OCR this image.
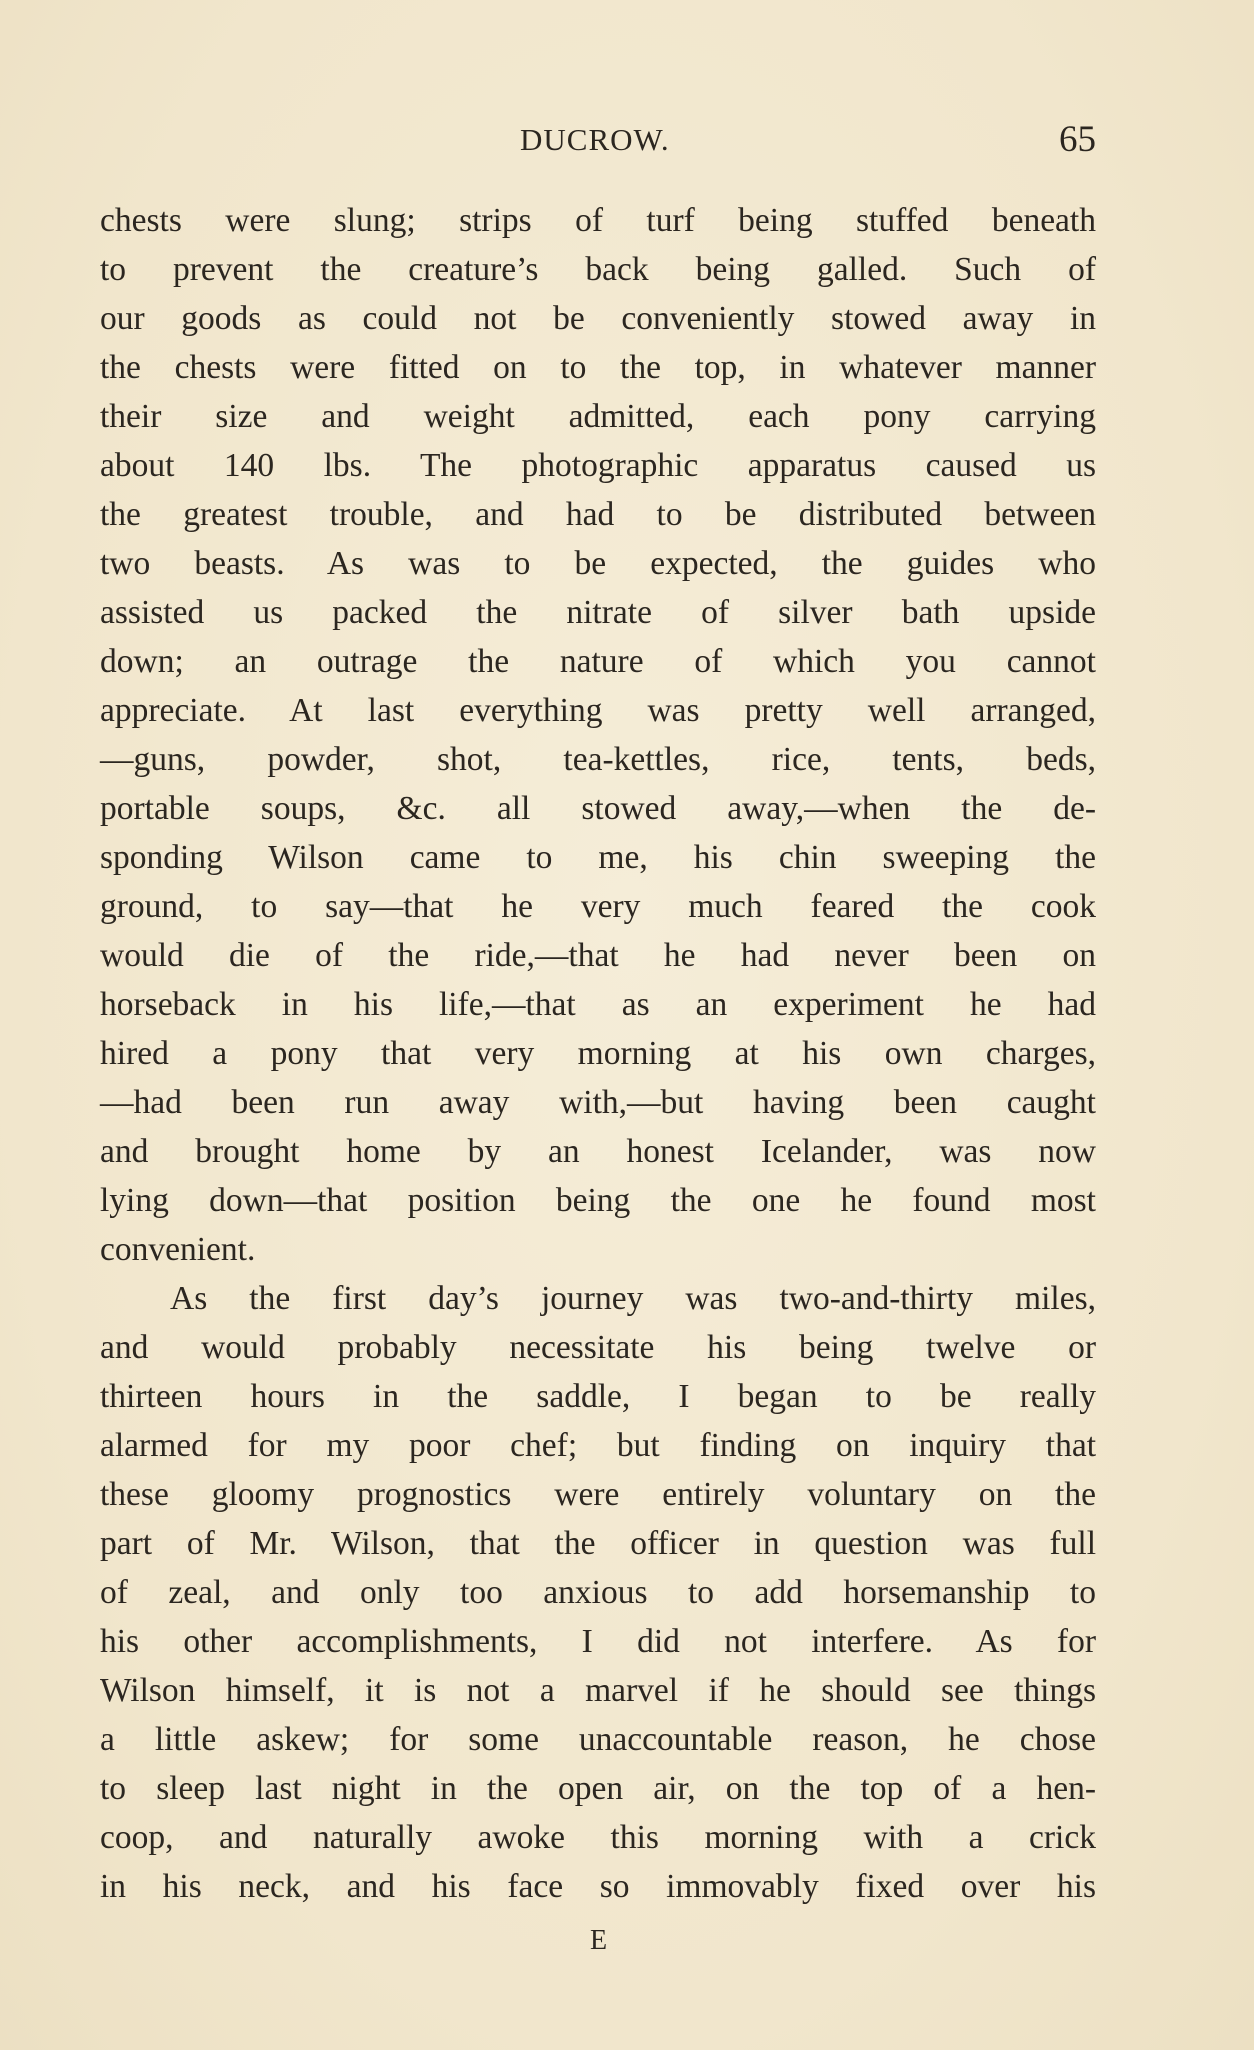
DUCROW.	65
chests were slung; strips of turf being stuffed beneath
to prevent the creature’s back being galled. Such of
our goods as could not be conveniently stowed away in
the chests were fitted on to the top, in whatever manner
their size and weight admitted, each pony carrying
about 140 lbs. The photographic apparatus caused us
the greatest trouble, and had to be distributed between
two beasts. As was to be expected, the guides who
assisted us packed the nitrate of silver bath upside
down; an outrage the nature of which you cannot
appreciate. At last everything was pretty well arranged,
—guns, powder, shot, tea-kettles, rice, tents, beds,
portable soups, &c. all stowed away,—when the de-
sponding Wilson came to me, his chin sweeping the
ground, to say—that he very much feared the cook
would die of the ride,—that he had never been on
horseback in his life,—that as an experiment he had
hired a pony that very morning at his own charges,
—had been run away with,—but having been caught
and brought home by an honest Icelander, was now
lying down—that position being the one he found most
convenient.
As the first day’s journey was two-and-thirty miles,
and would probably necessitate his being twelve or
thirteen hours in the saddle, I began to be really
alarmed for my poor chef; but finding on inquiry that
these gloomy prognostics were entirely voluntary on the
part of Mr. Wilson, that the officer in question was full
of zeal, and only too anxious to add horsemanship to
his other accomplishments, I did not interfere. As for
Wilson himself, it is not a marvel if he should see things
a little askew; for some unaccountable reason, he chose
to sleep last night in the open air, on the top of a hen-
coop, and naturally awoke this morning with a crick
in his neck, and his face so immovably fixed over his
E
